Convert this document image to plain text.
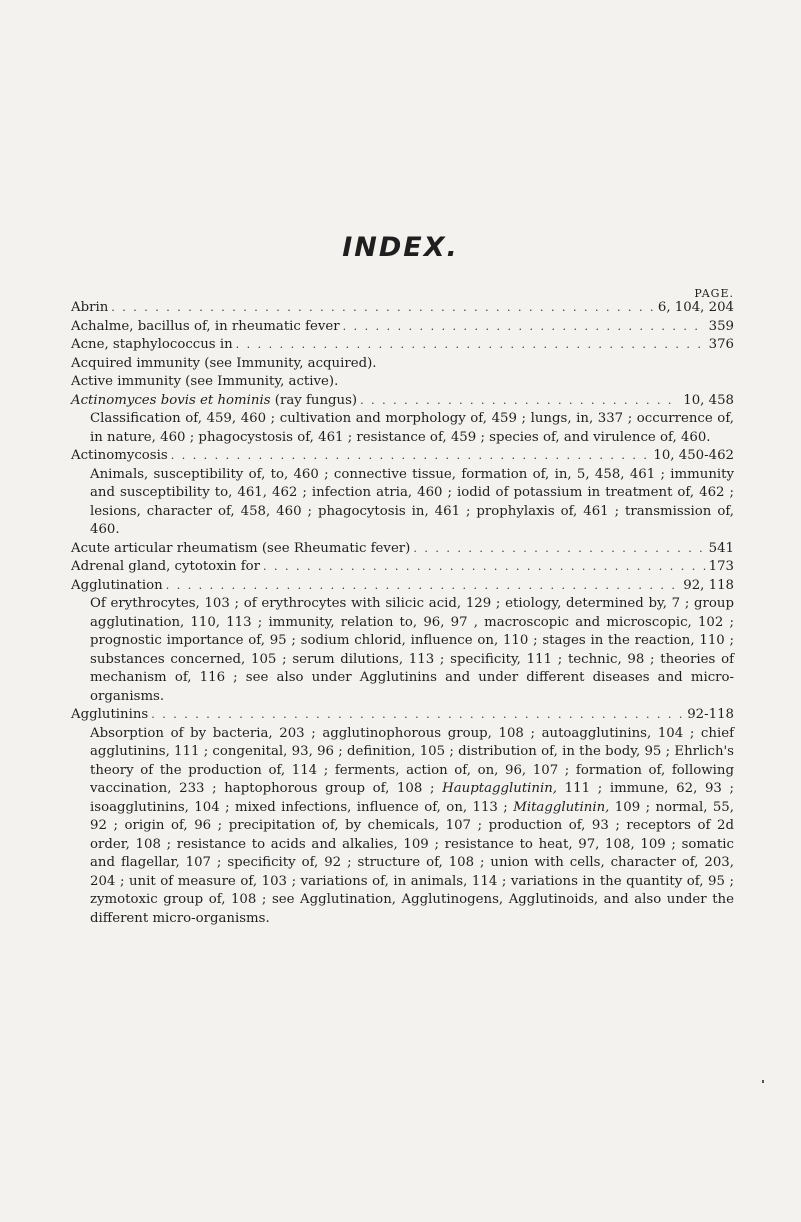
INDEX.
PAGE.
Abrin . . .	6, 104, 204
Achalme, bacillus of, in rheumatic fever . . .	359
Acne, staphylococcus in . . .	376
Acquired immunity (see Immunity, acquired).
Active immunity (see Immunity, active).
Actinomyces bovis et hominis (ray fungus) . . .	10, 458
Classification of, 459, 460 ; cultivation and morphology of, 459 ; lungs, in, 337 ; occurrence of, in nature, 460 ; phagocystosis of, 461 ; resistance of, 459 ; species of, and virulence of, 460.
Actinomycosis . . .	10, 450-462
Animals, susceptibility of, to, 460 ; connective tissue, formation of, in, 5, 458, 461 ; immunity and susceptibility to, 461, 462 ; infection atria, 460 ; iodid of potassium in treatment of, 462 ; lesions, character of, 458, 460 ; phagocytosis in, 461 ; prophylaxis of, 461 ; transmission of, 460.
Acute articular rheumatism (see Rheumatic fever) . . .	541
Adrenal gland, cytotoxin for . . .	173
Agglutination . . .	92, 118
Of erythrocytes, 103 ; of erythrocytes with silicic acid, 129 ; etiology, determined by, 7 ; group agglutination, 110, 113 ; immunity, relation to, 96, 97 , macroscopic and microscopic, 102 ; prognostic importance of, 95 ; sodium chlorid, influence on, 110 ; stages in the reaction, 110 ; substances concerned, 105 ; serum dilutions, 113 ; specificity, 111 ; technic, 98 ; theories of mechanism of, 116 ; see also under Agglutinins and under different diseases and micro-organisms.
Agglutinins . . .	92-118
Absorption of by bacteria, 203 ; agglutinophorous group, 108 ; autoagglutinins, 104 ; chief agglutinins, 111 ; congenital, 93, 96 ; definition, 105 ; distribution of, in the body, 95 ; Ehrlich's theory of the production of, 114 ; ferments, action of, on, 96, 107 ; formation of, following vaccination, 233 ; haptophorous group of, 108 ; Hauptagglutinin, 111 ; immune, 62, 93 ; isoagglutinins, 104 ; mixed infections, influence of, on, 113 ; Mitagglutinin, 109 ; normal, 55, 92 ; origin of, 96 ; precipitation of, by chemicals, 107 ; production of, 93 ; receptors of 2d order, 108 ; resistance to acids and alkalies, 109 ; resistance to heat, 97, 108, 109 ; somatic and flagellar, 107 ; specificity of, 92 ; structure of, 108 ; union with cells, character of, 203, 204 ; unit of measure of, 103 ; variations of, in animals, 114 ; variations in the quantity of, 95 ; zymotoxic group of, 108 ; see Agglutination, Agglutinogens, Agglutinoids, and also under the different micro-organisms.
